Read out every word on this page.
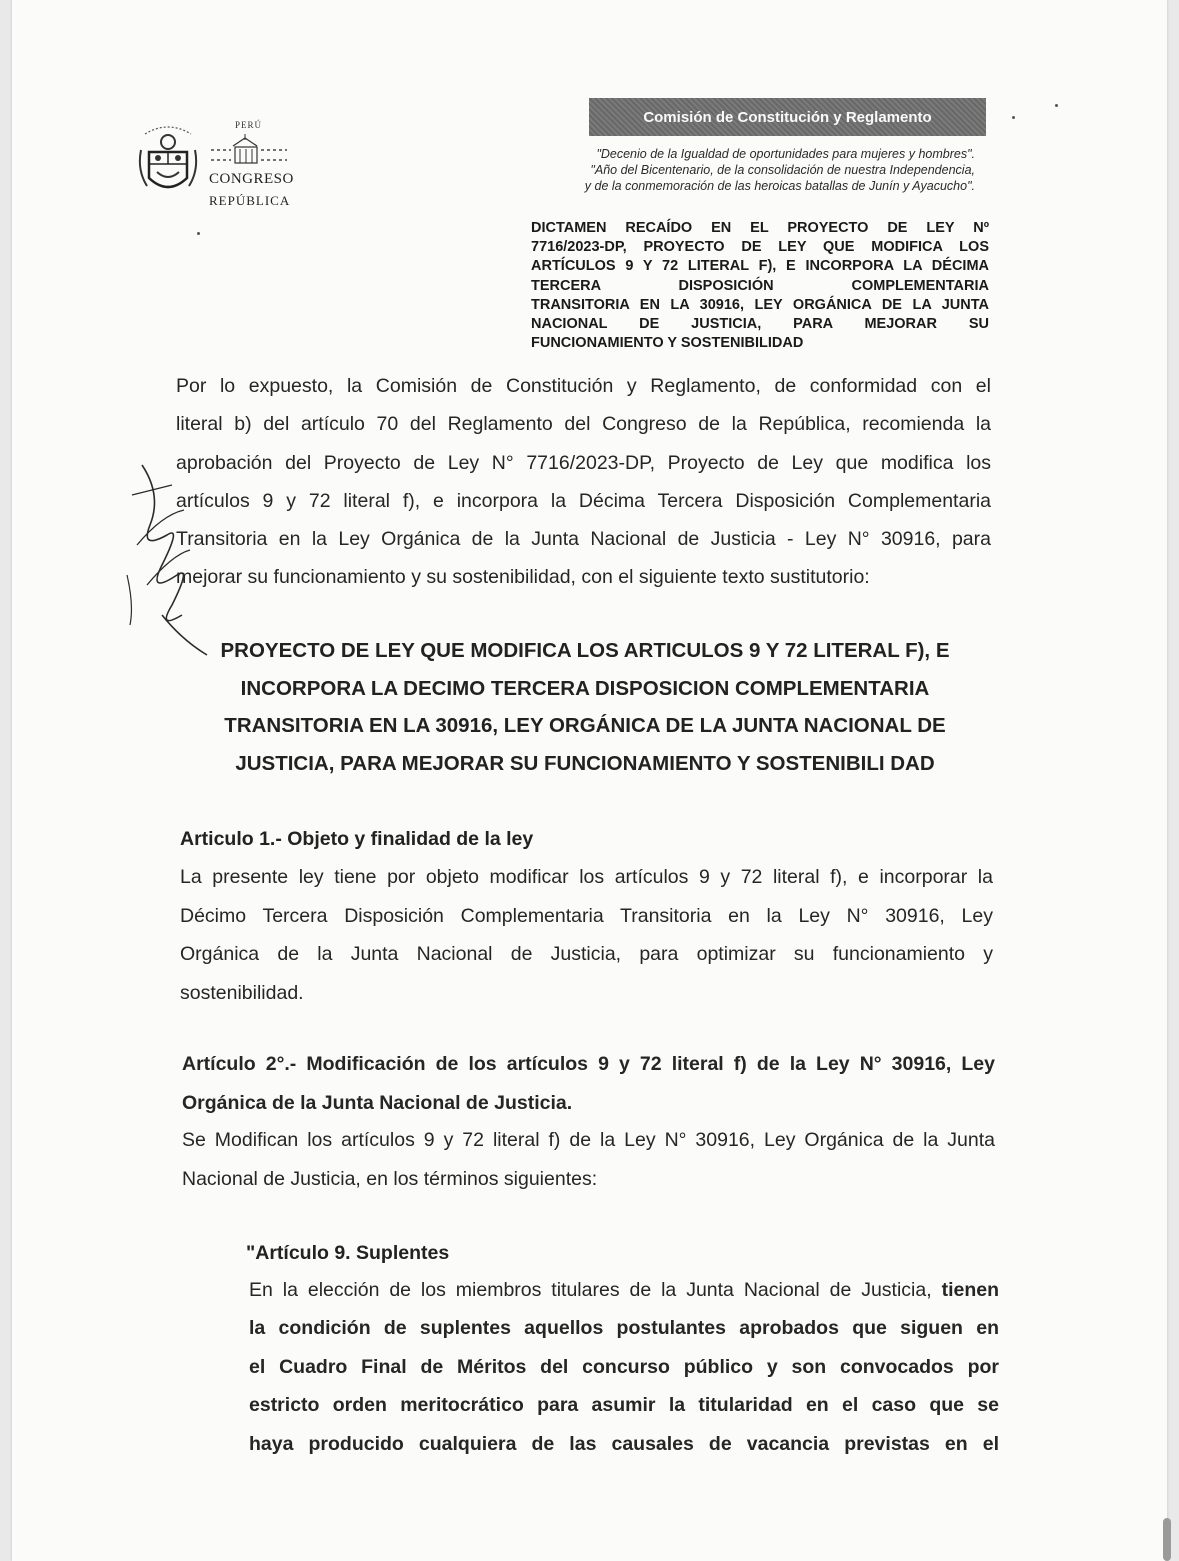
PERÚ
CONGRESO
REPÚBLICA
Comisión de Constitución y Reglamento
"Decenio de la Igualdad de oportunidades para mujeres y hombres".
"Año del Bicentenario, de la consolidación de nuestra Independencia,
y de la conmemoración de las heroicas batallas de Junín y Ayacucho".
DICTAMEN RECAÍDO EN EL PROYECTO DE LEY Nº
7716/2023-DP, PROYECTO DE LEY QUE MODIFICA LOS
ARTÍCULOS 9 Y 72 LITERAL F), E INCORPORA LA DÉCIMA
TERCERA DISPOSICIÓN COMPLEMENTARIA
TRANSITORIA EN LA 30916, LEY ORGÁNICA DE LA JUNTA
NACIONAL DE JUSTICIA, PARA MEJORAR SU
FUNCIONAMIENTO Y SOSTENIBILIDAD
Por lo expuesto, la Comisión de Constitución y Reglamento, de conformidad con el
literal b) del artículo 70 del Reglamento del Congreso de la República, recomienda la
aprobación del Proyecto de Ley N° 7716/2023-DP, Proyecto de Ley que modifica los
artículos 9 y 72 literal f), e incorpora la Décima Tercera Disposición Complementaria
Transitoria en la Ley Orgánica de la Junta Nacional de Justicia - Ley N° 30916, para
mejorar su funcionamiento y su sostenibilidad, con el siguiente texto sustitutorio:
PROYECTO DE LEY QUE MODIFICA LOS ARTICULOS 9 Y 72 LITERAL F), E
INCORPORA LA DECIMO TERCERA DISPOSICION COMPLEMENTARIA
TRANSITORIA EN LA 30916, LEY ORGÁNICA DE LA JUNTA NACIONAL DE
JUSTICIA, PARA MEJORAR SU FUNCIONAMIENTO Y SOSTENIBILI DAD
Articulo 1.- Objeto y finalidad de la ley
La presente ley tiene por objeto modificar los artículos 9 y 72 literal f), e incorporar la
Décimo Tercera Disposición Complementaria Transitoria en la Ley N° 30916, Ley
Orgánica de la Junta Nacional de Justicia, para optimizar su funcionamiento y
sostenibilidad.
Artículo 2°.- Modificación de los artículos 9 y 72 literal f) de la Ley N° 30916, Ley
Orgánica de la Junta Nacional de Justicia.
Se Modifican los artículos 9 y 72 literal f) de la Ley N° 30916, Ley Orgánica de la Junta
Nacional de Justicia, en los términos siguientes:
"Artículo 9. Suplentes
En la elección de los miembros titulares de la Junta Nacional de Justicia, tienen
la condición de suplentes aquellos postulantes aprobados que siguen en
el Cuadro Final de Méritos del concurso público y son convocados por
estricto orden meritocrático para asumir la titularidad en el caso que se
haya producido cualquiera de las causales de vacancia previstas en el
